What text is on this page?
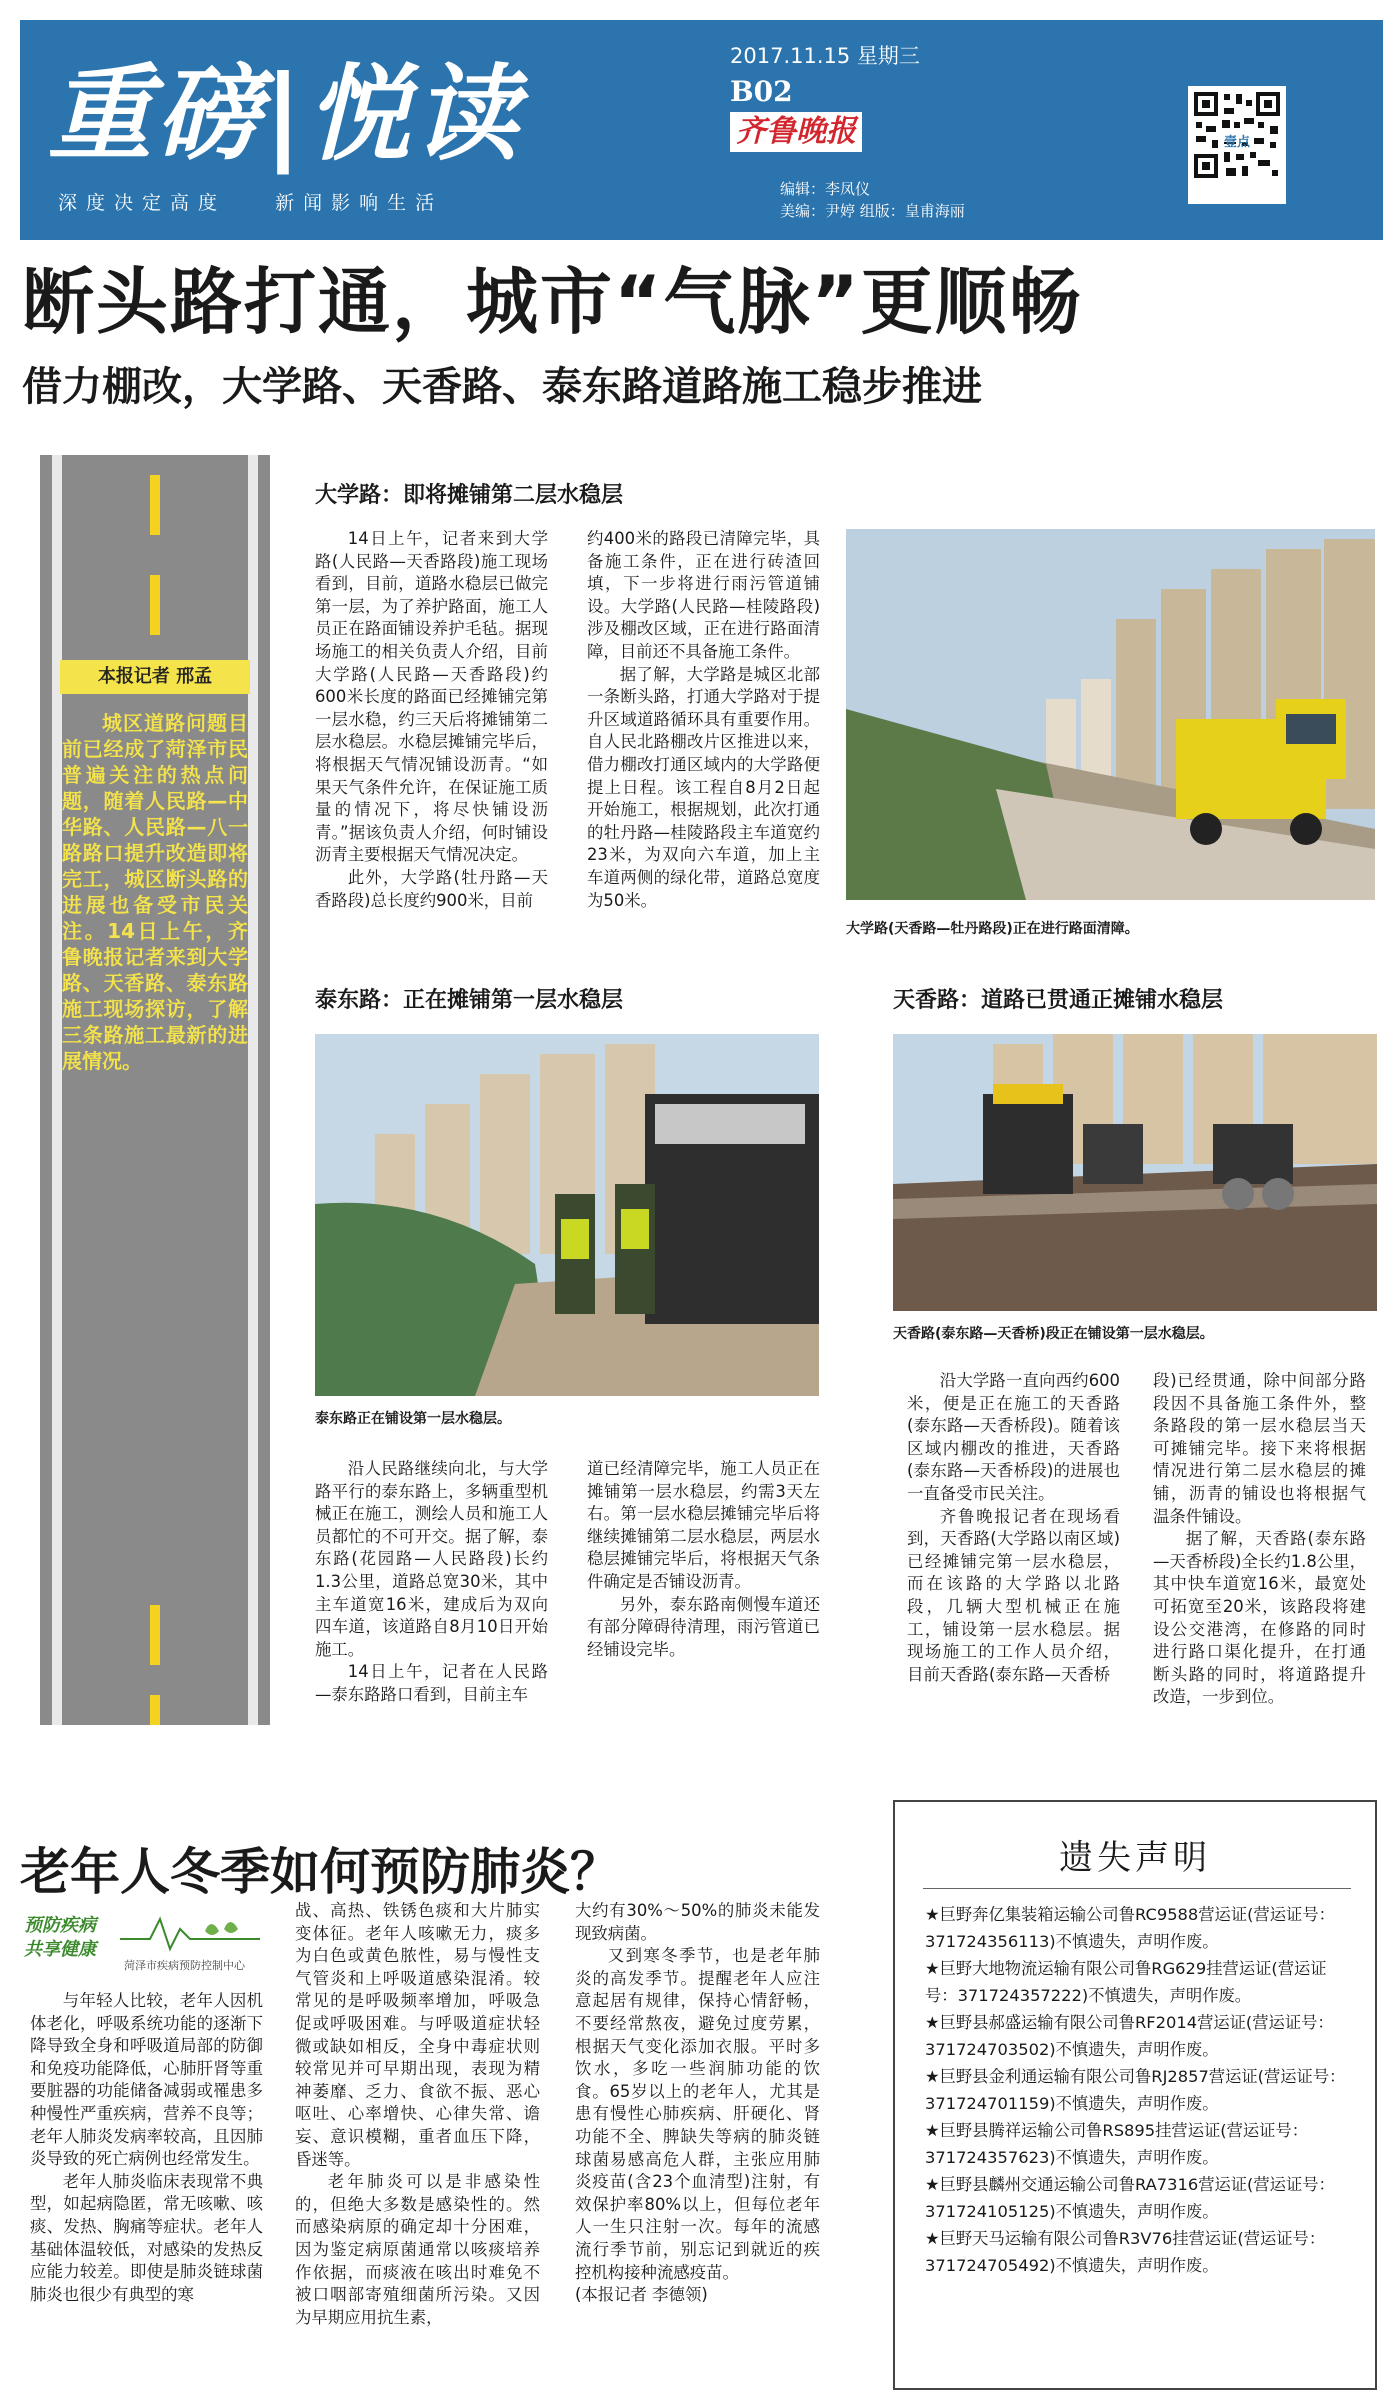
重磅|悦读
深度决定高度	新闻影响生活
2017.11.15 星期三
B02
齐鲁晚报
编辑：李凤仪
美编：尹婷 组版：皇甫海丽
壹点
断头路打通，城市“气脉”更顺畅
借力棚改，大学路、天香路、泰东路道路施工稳步推进
本报记者 邢孟
城区道路问题目前已经成了菏泽市民普遍关注的热点问题，随着人民路—中华路、人民路—八一路路口提升改造即将完工，城区断头路的进展也备受市民关注。14日上午，齐鲁晚报记者来到大学路、天香路、泰东路施工现场探访，了解三条路施工最新的进展情况。
大学路：即将摊铺第二层水稳层

14日上午，记者来到大学路(人民路—天香路段)施工现场看到，目前，道路水稳层已做完第一层，为了养护路面，施工人员正在路面铺设养护毛毡。据现场施工的相关负责人介绍，目前大学路(人民路—天香路段)约600米长度的路面已经摊铺完第一层水稳，约三天后将摊铺第二层水稳层。水稳层摊铺完毕后，将根据天气情况铺设沥青。“如果天气条件允许，在保证施工质量的情况下，将尽快铺设沥青。”据该负责人介绍，何时铺设沥青主要根据天气情况决定。

此外，大学路(牡丹路—天香路段)总长度约900米，目前

约400米的路段已清障完毕，具备施工条件，正在进行砖渣回填，下一步将进行雨污管道铺设。大学路(人民路—桂陵路段)涉及棚改区域，正在进行路面清障，目前还不具备施工条件。

据了解，大学路是城区北部一条断头路，打通大学路对于提升区域道路循环具有重要作用。自人民北路棚改片区推进以来，借力棚改打通区域内的大学路便提上日程。该工程自8月2日起开始施工，根据规划，此次打通的牡丹路—桂陵路段主车道宽约23米，为双向六车道，加上主车道两侧的绿化带，道路总宽度为50米。

大学路(天香路—牡丹路段)正在进行路面清障。
泰东路：正在摊铺第一层水稳层
泰东路正在铺设第一层水稳层。

沿人民路继续向北，与大学路平行的泰东路上，多辆重型机械正在施工，测绘人员和施工人员都忙的不可开交。据了解，泰东路(花园路—人民路段)长约1.3公里，道路总宽30米，其中主车道宽16米，建成后为双向四车道，该道路自8月10日开始施工。

14日上午，记者在人民路—泰东路路口看到，目前主车

道已经清障完毕，施工人员正在摊铺第一层水稳层，约需3天左右。第一层水稳层摊铺完毕后将继续摊铺第二层水稳层，两层水稳层摊铺完毕后，将根据天气条件确定是否铺设沥青。

另外，泰东路南侧慢车道还有部分障碍待清理，雨污管道已经铺设完毕。

天香路：道路已贯通正摊铺水稳层
天香路(泰东路—天香桥)段正在铺设第一层水稳层。

沿大学路一直向西约600米，便是正在施工的天香路(泰东路—天香桥段)。随着该区域内棚改的推进，天香路(泰东路—天香桥段)的进展也一直备受市民关注。

齐鲁晚报记者在现场看到，天香路(大学路以南区域)已经摊铺完第一层水稳层，而在该路的大学路以北路段，几辆大型机械正在施工，铺设第一层水稳层。据现场施工的工作人员介绍，目前天香路(泰东路—天香桥

段)已经贯通，除中间部分路段因不具备施工条件外，整条路段的第一层水稳层当天可摊铺完毕。接下来将根据情况进行第二层水稳层的摊铺，沥青的铺设也将根据气温条件铺设。

据了解，天香路(泰东路—天香桥段)全长约1.8公里，其中快车道宽16米，最宽处可拓宽至20米，该路段将建设公交港湾，在修路的同时进行路口渠化提升，在打通断头路的同时，将道路提升改造，一步到位。

老年人冬季如何预防肺炎？
预防疾病
共享健康
菏泽市疾病预防控制中心

与年轻人比较，老年人因机体老化，呼吸系统功能的逐渐下降导致全身和呼吸道局部的防御和免疫功能降低，心肺肝肾等重要脏器的功能储备减弱或罹患多种慢性严重疾病，营养不良等；老年人肺炎发病率较高，且因肺炎导致的死亡病例也经常发生。

老年人肺炎临床表现常不典型，如起病隐匿，常无咳嗽、咳痰、发热、胸痛等症状。老年人基础体温较低，对感染的发热反应能力较差。即使是肺炎链球菌肺炎也很少有典型的寒

战、高热、铁锈色痰和大片肺实变体征。老年人咳嗽无力，痰多为白色或黄色脓性，易与慢性支气管炎和上呼吸道感染混淆。较常见的是呼吸频率增加，呼吸急促或呼吸困难。与呼吸道症状轻微或缺如相反，全身中毒症状则较常见并可早期出现，表现为精神萎靡、乏力、食欲不振、恶心呕吐、心率增快、心律失常、谵妄、意识模糊，重者血压下降，昏迷等。

老年肺炎可以是非感染性的，但绝大多数是感染性的。然而感染病原的确定却十分困难，因为鉴定病原菌通常以咳痰培养作依据，而痰液在咳出时难免不被口咽部寄殖细菌所污染。又因为早期应用抗生素，

大约有30%～50%的肺炎未能发现致病菌。

又到寒冬季节，也是老年肺炎的高发季节。提醒老年人应注意起居有规律，保持心情舒畅，不要经常熬夜，避免过度劳累，根据天气变化添加衣服。平时多饮水，多吃一些润肺功能的饮食。65岁以上的老年人，尤其是患有慢性心肺疾病、肝硬化、肾功能不全、脾缺失等病的肺炎链球菌易感高危人群，主张应用肺炎疫苗(含23个血清型)注射，有效保护率80%以上，但每位老年人一生只注射一次。每年的流感流行季节前，别忘记到就近的疾控机构接种流感疫苗。

(本报记者 李德领)

遗失声明

★巨野奔亿集装箱运输公司鲁RC9588营运证(营运证号：371724356113)不慎遗失，声明作废。

★巨野大地物流运输有限公司鲁RG629挂营运证(营运证号：371724357222)不慎遗失，声明作废。

★巨野县郝盛运输有限公司鲁RF2014营运证(营运证号：371724703502)不慎遗失，声明作废。

★巨野县金利通运输有限公司鲁RJ2857营运证(营运证号：371724701159)不慎遗失，声明作废。

★巨野县腾祥运输公司鲁RS895挂营运证(营运证号：371724357623)不慎遗失，声明作废。

★巨野县麟州交通运输公司鲁RA7316营运证(营运证号：371724105125)不慎遗失，声明作废。

★巨野天马运输有限公司鲁R3V76挂营运证(营运证号：371724705492)不慎遗失，声明作废。
